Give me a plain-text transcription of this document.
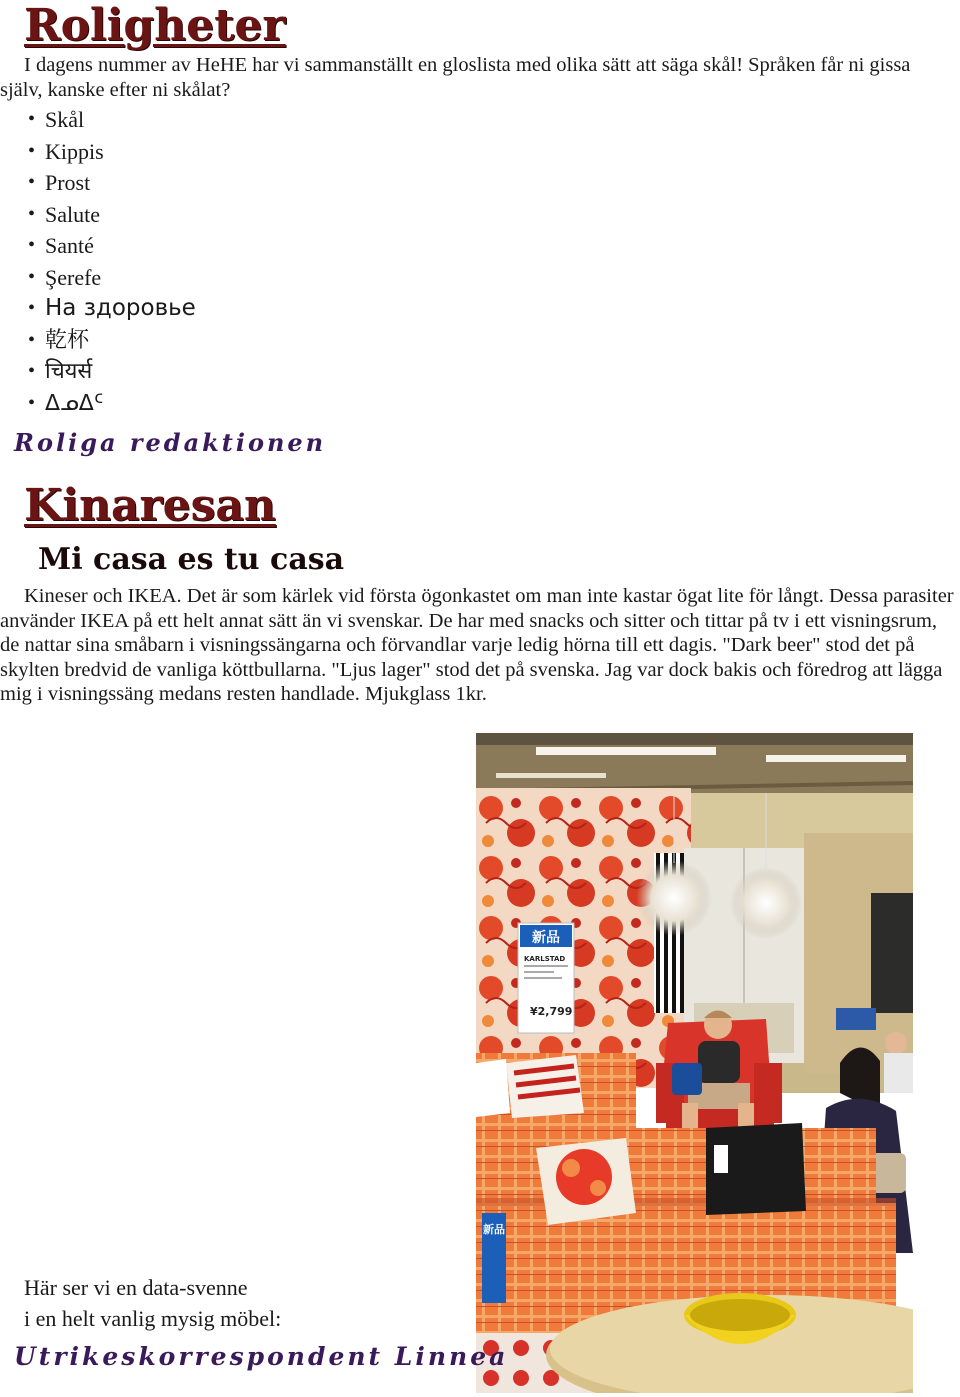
Roligheter

I dagens nummer av HeHE har vi sammanställt en gloslista med olika sätt att säga skål! Språken får ni gissa själv, kanske efter ni skålat?

• Skål
• Kippis
• Prost
• Salute
• Santé
• Şerefe
• На здоровье
• 乾杯
• चियर्स
• ᐃᓄᐃᑦ

Roliga redaktionen

Kinaresan
Mi casa es tu casa

Kineser och IKEA. Det är som kärlek vid första ögonkastet om man inte kastar ögat lite för långt. Dessa parasiter använder IKEA på ett helt annat sätt än vi svenskar. De har med snacks och sitter och tittar på tv i ett visningsrum, de nattar sina småbarn i visningssängarna och förvandlar varje ledig hörna till ett dagis. "Dark beer" stod det på skylten bredvid de vanliga köttbullarna. "Ljus lager" stod det på svenska. Jag var dock bakis och föredrog att lägga mig i visningssäng medans resten handlade. Mjukglass 1kr.

新品
KARLSTAD
¥2,799
新品

Här ser vi en data-svenne

i en helt vanlig mysig möbel:

Utrikeskorrespondent Linnea
